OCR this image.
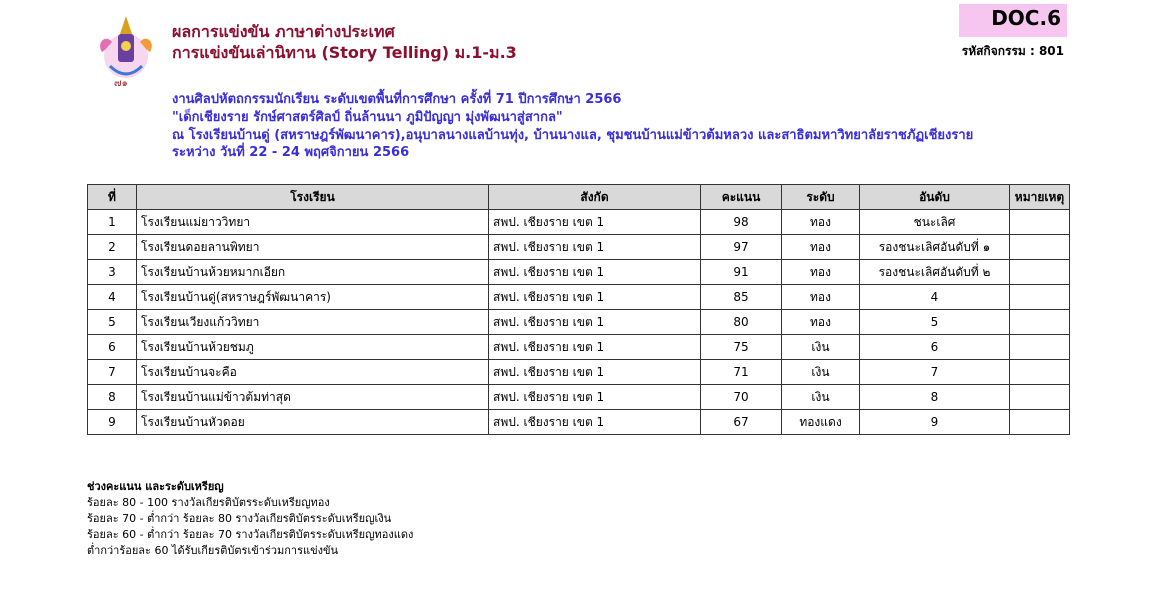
๗๑
ผลการแข่งขัน ภาษาต่างประเทศ
การแข่งขันเล่านิทาน (Story Telling) ม.1-ม.3
DOC.6
รหัสกิจกรรม : 801
งานศิลปหัตถกรรมนักเรียน ระดับเขตพื้นที่การศึกษา ครั้งที่ 71 ปีการศึกษา 2566
"เด็กเชียงราย รักษ์ศาสตร์ศิลป์ ถิ่นล้านนา ภูมิปัญญา มุ่งพัฒนาสู่สากล"
ณ โรงเรียนบ้านดู่ (สหราษฎร์พัฒนาคาร),อนุบาลนางแลบ้านทุ่ง, บ้านนางแล, ชุมชนบ้านแม่ข้าวต้มหลวง และสาธิตมหาวิทยาลัยราชภัฏเชียงราย
ระหว่าง วันที่ 22 - 24 พฤศจิกายน 2566
ที่	โรงเรียน	สังกัด	คะแนน	ระดับ	อันดับ	หมายเหตุ
1	โรงเรียนแม่ยาววิทยา	สพป. เชียงราย เขต 1	98	ทอง	ชนะเลิศ	
2	โรงเรียนดอยลานพิทยา	สพป. เชียงราย เขต 1	97	ทอง	รองชนะเลิศอันดับที่ ๑	
3	โรงเรียนบ้านห้วยหมากเอียก	สพป. เชียงราย เขต 1	91	ทอง	รองชนะเลิศอันดับที่ ๒	
4	โรงเรียนบ้านดู่(สหราษฎร์พัฒนาคาร)	สพป. เชียงราย เขต 1	85	ทอง	4	
5	โรงเรียนเวียงแก้ววิทยา	สพป. เชียงราย เขต 1	80	ทอง	5	
6	โรงเรียนบ้านห้วยชมภู	สพป. เชียงราย เขต 1	75	เงิน	6	
7	โรงเรียนบ้านจะคือ	สพป. เชียงราย เขต 1	71	เงิน	7	
8	โรงเรียนบ้านแม่ข้าวต้มท่าสุด	สพป. เชียงราย เขต 1	70	เงิน	8	
9	โรงเรียนบ้านหัวดอย	สพป. เชียงราย เขต 1	67	ทองแดง	9	
ช่วงคะแนน และระดับเหรียญ
ร้อยละ 80 - 100 รางวัลเกียรติบัตรระดับเหรียญทอง
ร้อยละ 70 - ต่ำกว่า ร้อยละ 80 รางวัลเกียรติบัตรระดับเหรียญเงิน
ร้อยละ 60 - ต่ำกว่า ร้อยละ 70 รางวัลเกียรติบัตรระดับเหรียญทองแดง
ต่ำกว่าร้อยละ 60 ได้รับเกียรติบัตรเข้าร่วมการแข่งขัน
